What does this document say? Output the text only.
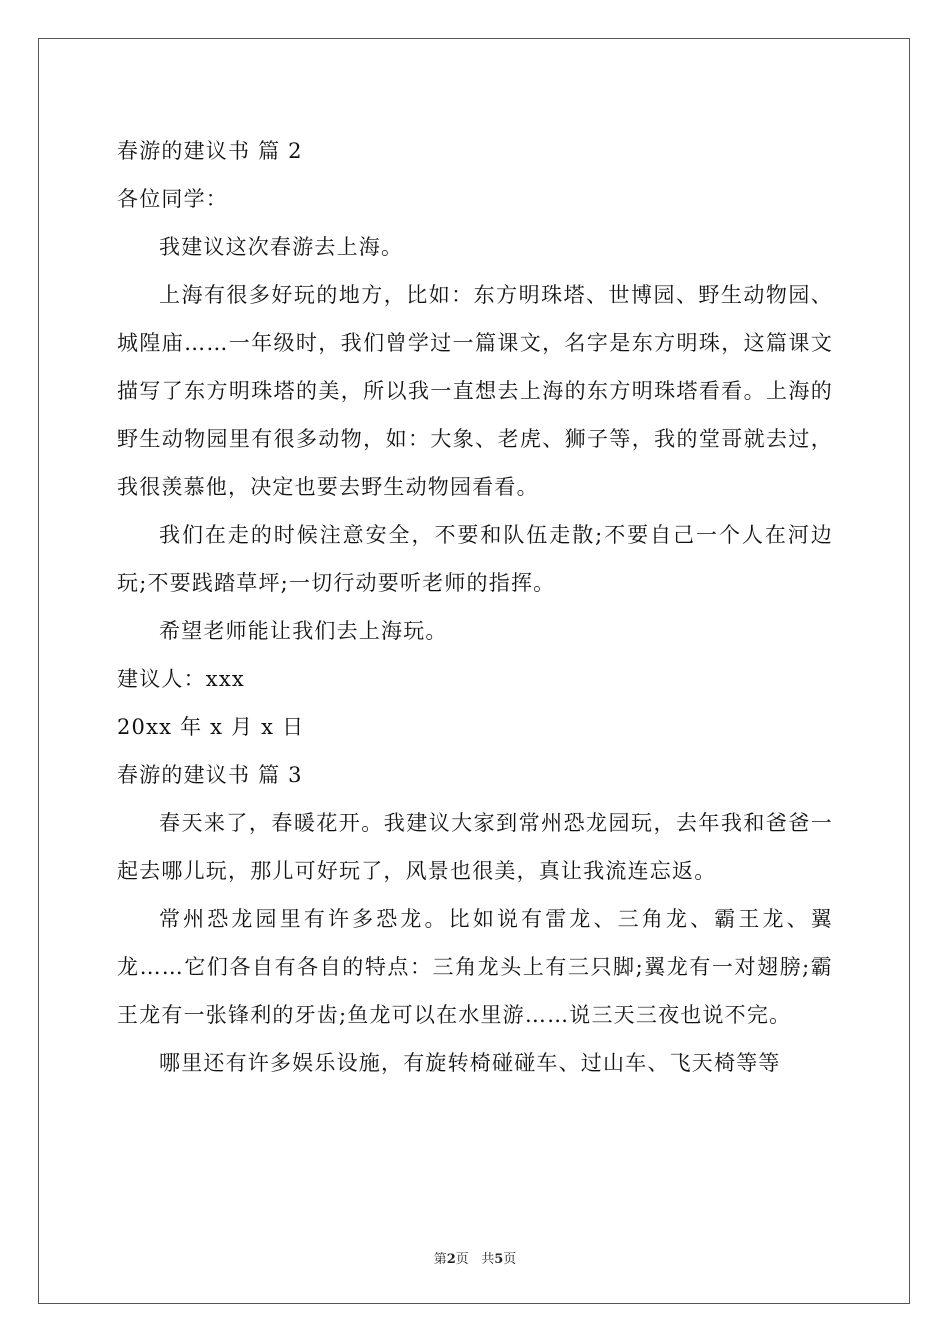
春游的建议书 篇 2
各位同学：

我建议这次春游去上海。

上海有很多好玩的地方，比如：东方明珠塔、世博园、野生动物园、城隍庙……一年级时，我们曾学过一篇课文，名字是东方明珠，这篇课文描写了东方明珠塔的美，所以我一直想去上海的东方明珠塔看看。上海的野生动物园里有很多动物，如：大象、老虎、狮子等，我的堂哥就去过，我很羡慕他，决定也要去野生动物园看看。

我们在走的时候注意安全，不要和队伍走散;不要自己一个人在河边玩;不要践踏草坪;一切行动要听老师的指挥。

希望老师能让我们去上海玩。

建议人：xxx
20xx 年 x 月 x 日
春游的建议书 篇 3

春天来了，春暖花开。我建议大家到常州恐龙园玩，去年我和爸爸一起去哪儿玩，那儿可好玩了，风景也很美，真让我流连忘返。

常州恐龙园里有许多恐龙。比如说有雷龙、三角龙、霸王龙、翼龙……它们各自有各自的特点：三角龙头上有三只脚;翼龙有一对翅膀;霸王龙有一张锋利的牙齿;鱼龙可以在水里游……说三天三夜也说不完。

哪里还有许多娱乐设施，有旋转椅碰碰车、过山车、飞天椅等等

第2页 共5页
